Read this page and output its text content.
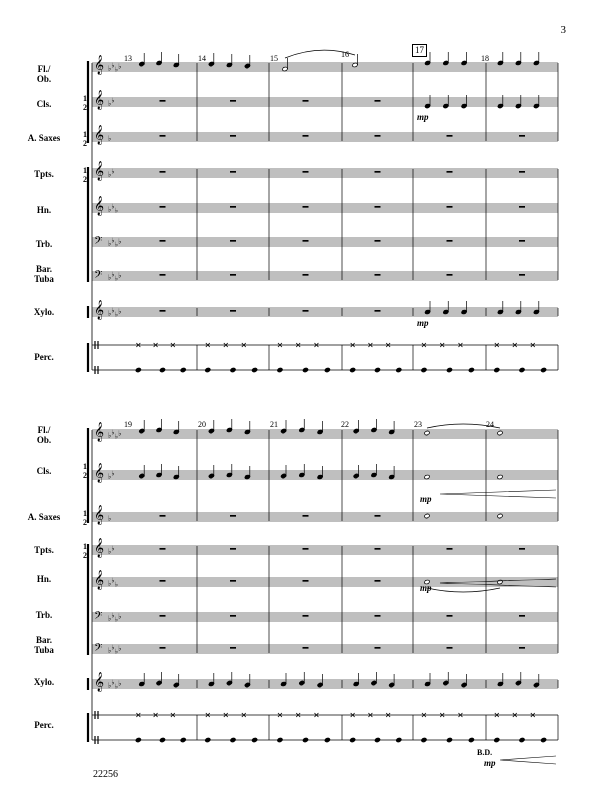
𝄞 ♭ ♭ ♭ ♭
𝄞 ♭ ♭
𝄞 ♭
𝄞 ♭ ♭
𝄞 ♭ ♭ ♭
𝄢 ♭ ♭ ♭ ♭
𝄢 ♭ ♭ ♭ ♭
𝄞 ♭ ♭ ♭ ♭
𝄞 ♭ ♭ ♭ ♭
𝄞 ♭ ♭
𝄞 ♭
𝄞 ♭ ♭
𝄞 ♭ ♭ ♭
𝄢 ♭ ♭ ♭ ♭
𝄢 ♭ ♭ ♭ ♭
𝄞 ♭ ♭ ♭ ♭
3
22256
Fl./
Ob.
Cls.
1
2
A. Saxes	1
2
Tpts.	1
2
Hn.
Trb.
Bar.
Tuba
Xylo.
Perc.
Fl./
Ob.
Cls.	1
2
A. Saxes	1
2
Tpts.	1
2
Hn.
Trb.
Bar.
Tuba
Xylo.
Perc.
13	14	15	16	17
18
19	20	21	22	23	24
mp
mp
mp
mp
mp
B.D.
